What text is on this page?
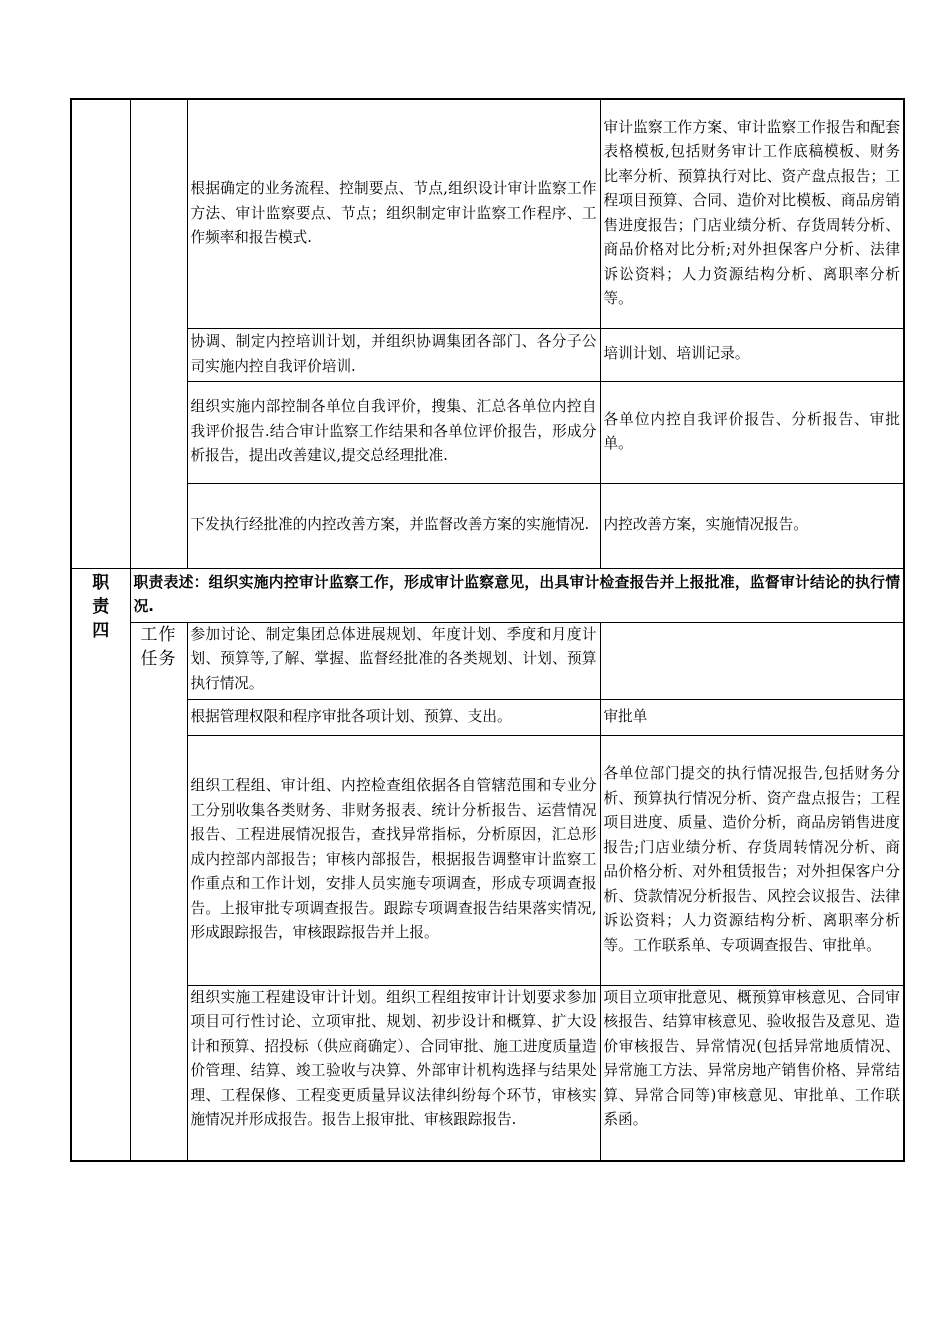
		根据确定的业务流程、控制要点、节点,组织设计审计监察工作方法、审计监察要点、节点；组织制定审计监察工作程序、工作频率和报告模式.	审计监察工作方案、审计监察工作报告和配套表格模板,包括财务审计工作底稿模板、财务比率分析、预算执行对比、资产盘点报告；工程项目预算、合同、造价对比模板、商品房销售进度报告；门店业绩分析、存货周转分析、商品价格对比分析;对外担保客户分析、法律诉讼资料；人力资源结构分析、离职率分析等。
		协调、制定内控培训计划，并组织协调集团各部门、各分子公司实施内控自我评价培训.	培训计划、培训记录。
		组织实施内部控制各单位自我评价，搜集、汇总各单位内控自我评价报告.结合审计监察工作结果和各单位评价报告，形成分析报告，提出改善建议,提交总经理批准.	各单位内控自我评价报告、分析报告、审批单。
		下发执行经批准的内控改善方案，并监督改善方案的实施情况.	内控改善方案，实施情况报告。

职
责
四	职责表述：组织实施内控审计监察工作，形成审计监察意见，出具审计检查报告并上报批准，监督审计结论的执行情况.		

	工作
任务	参加讨论、制定集团总体进展规划、年度计划、季度和月度计划、预算等,了解、掌握、监督经批准的各类规划、计划、预算执行情况。	
		根据管理权限和程序审批各项计划、预算、支出。	审批单
		组织工程组、审计组、内控检查组依据各自管辖范围和专业分工分别收集各类财务、非财务报表、统计分析报告、运营情况报告、工程进展情况报告，查找异常指标，分析原因，汇总形成内控部内部报告；审核内部报告，根据报告调整审计监察工作重点和工作计划，安排人员实施专项调查，形成专项调查报告。上报审批专项调查报告。跟踪专项调查报告结果落实情况,形成跟踪报告，审核跟踪报告并上报。	各单位部门提交的执行情况报告,包括财务分析、预算执行情况分析、资产盘点报告；工程项目进度、质量、造价分析，商品房销售进度报告;门店业绩分析、存货周转情况分析、商品价格分析、对外租赁报告；对外担保客户分析、贷款情况分析报告、风控会议报告、法律诉讼资料；人力资源结构分析、离职率分析等。工作联系单、专项调查报告、审批单。
		组织实施工程建设审计计划。组织工程组按审计计划要求参加项目可行性讨论、立项审批、规划、初步设计和概算、扩大设计和预算、招投标（供应商确定）、合同审批、施工进度质量造价管理、结算、竣工验收与决算、外部审计机构选择与结果处理、工程保修、工程变更质量异议法律纠纷每个环节，审核实施情况并形成报告。报告上报审批、审核跟踪报告.	项目立项审批意见、概预算审核意见、合同审核报告、结算审核意见、验收报告及意见、造价审核报告、异常情况(包括异常地质情况、异常施工方法、异常房地产销售价格、异常结算、异常合同等)审核意见、审批单、工作联系函。
